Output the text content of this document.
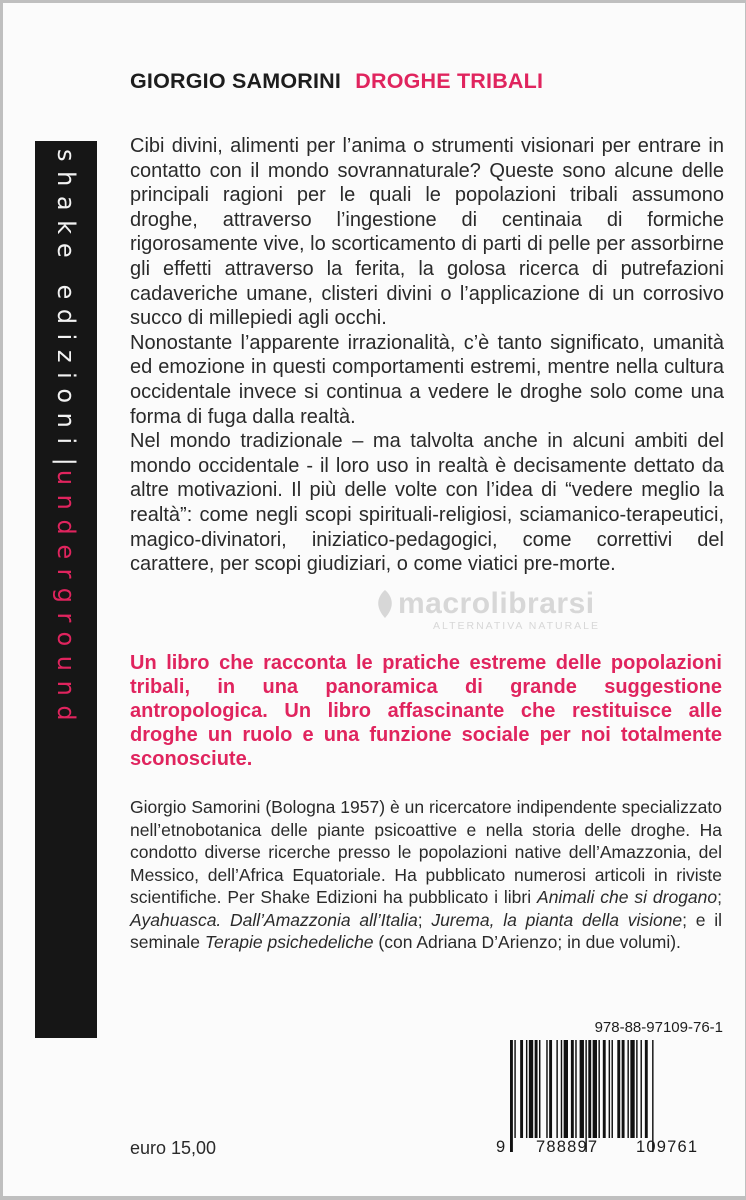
shake edizioni|underground
GIORGIO SAMORINI DROGHE TRIBALI

Cibi divini, alimenti per l’anima o strumenti visionari per entrare in contatto con il mondo sovrannaturale? Queste sono alcune delle principali ragioni per le quali le popolazioni tribali assumono droghe, attraverso l’ingestione di centinaia di formiche rigorosamente vive, lo scorticamento di parti di pelle per assorbirne gli effetti attraverso la ferita, la golosa ricerca di putrefazioni cadaveriche umane, clisteri divini o l’applicazione di un corrosivo succo di millepiedi agli occhi.

Nonostante l’apparente irrazionalità, c’è tanto significato, umanità ed emozione in questi comportamenti estremi, mentre nella cultura occidentale invece si continua a vedere le droghe solo come una forma di fuga dalla realtà.

Nel mondo tradizionale – ma talvolta anche in alcuni ambiti del mondo occidentale - il loro uso in realtà è decisamente dettato da altre motivazioni. Il più delle volte con l’idea di “vedere meglio la realtà”: come negli scopi spirituali-religiosi, sciamanico-terapeutici, magico-divinatori, iniziatico-pedagogici, come correttivi del carattere, per scopi giudiziari, o come viatici pre-morte.

macrolibrarsi
ALTERNATIVA NATURALE

Un libro che racconta le pratiche estreme delle popolazioni tribali, in una panoramica di grande suggestione antropologica. Un libro affascinante che restituisce alle droghe un ruolo e una funzione sociale per noi totalmente sconosciute.

Giorgio Samorini (Bologna 1957) è un ricercatore indipendente specializzato nell’etnobotanica delle piante psicoattive e nella storia delle droghe. Ha condotto diverse ricerche presso le popolazioni native dell’Amazzonia, del Messico, dell’Africa Equatoriale. Ha pubblicato numerosi articoli in riviste scientifiche. Per Shake Edizioni ha pubblicato i libri Animali che si drogano; Ayahuasca. Dall’Amazzonia all’Italia; Jurema, la pianta della visione; e il seminale Terapie psichedeliche (con Adriana D’Arienzo; in due volumi).

978-88-97109-76-1
9 788897 109761
euro 15,00
